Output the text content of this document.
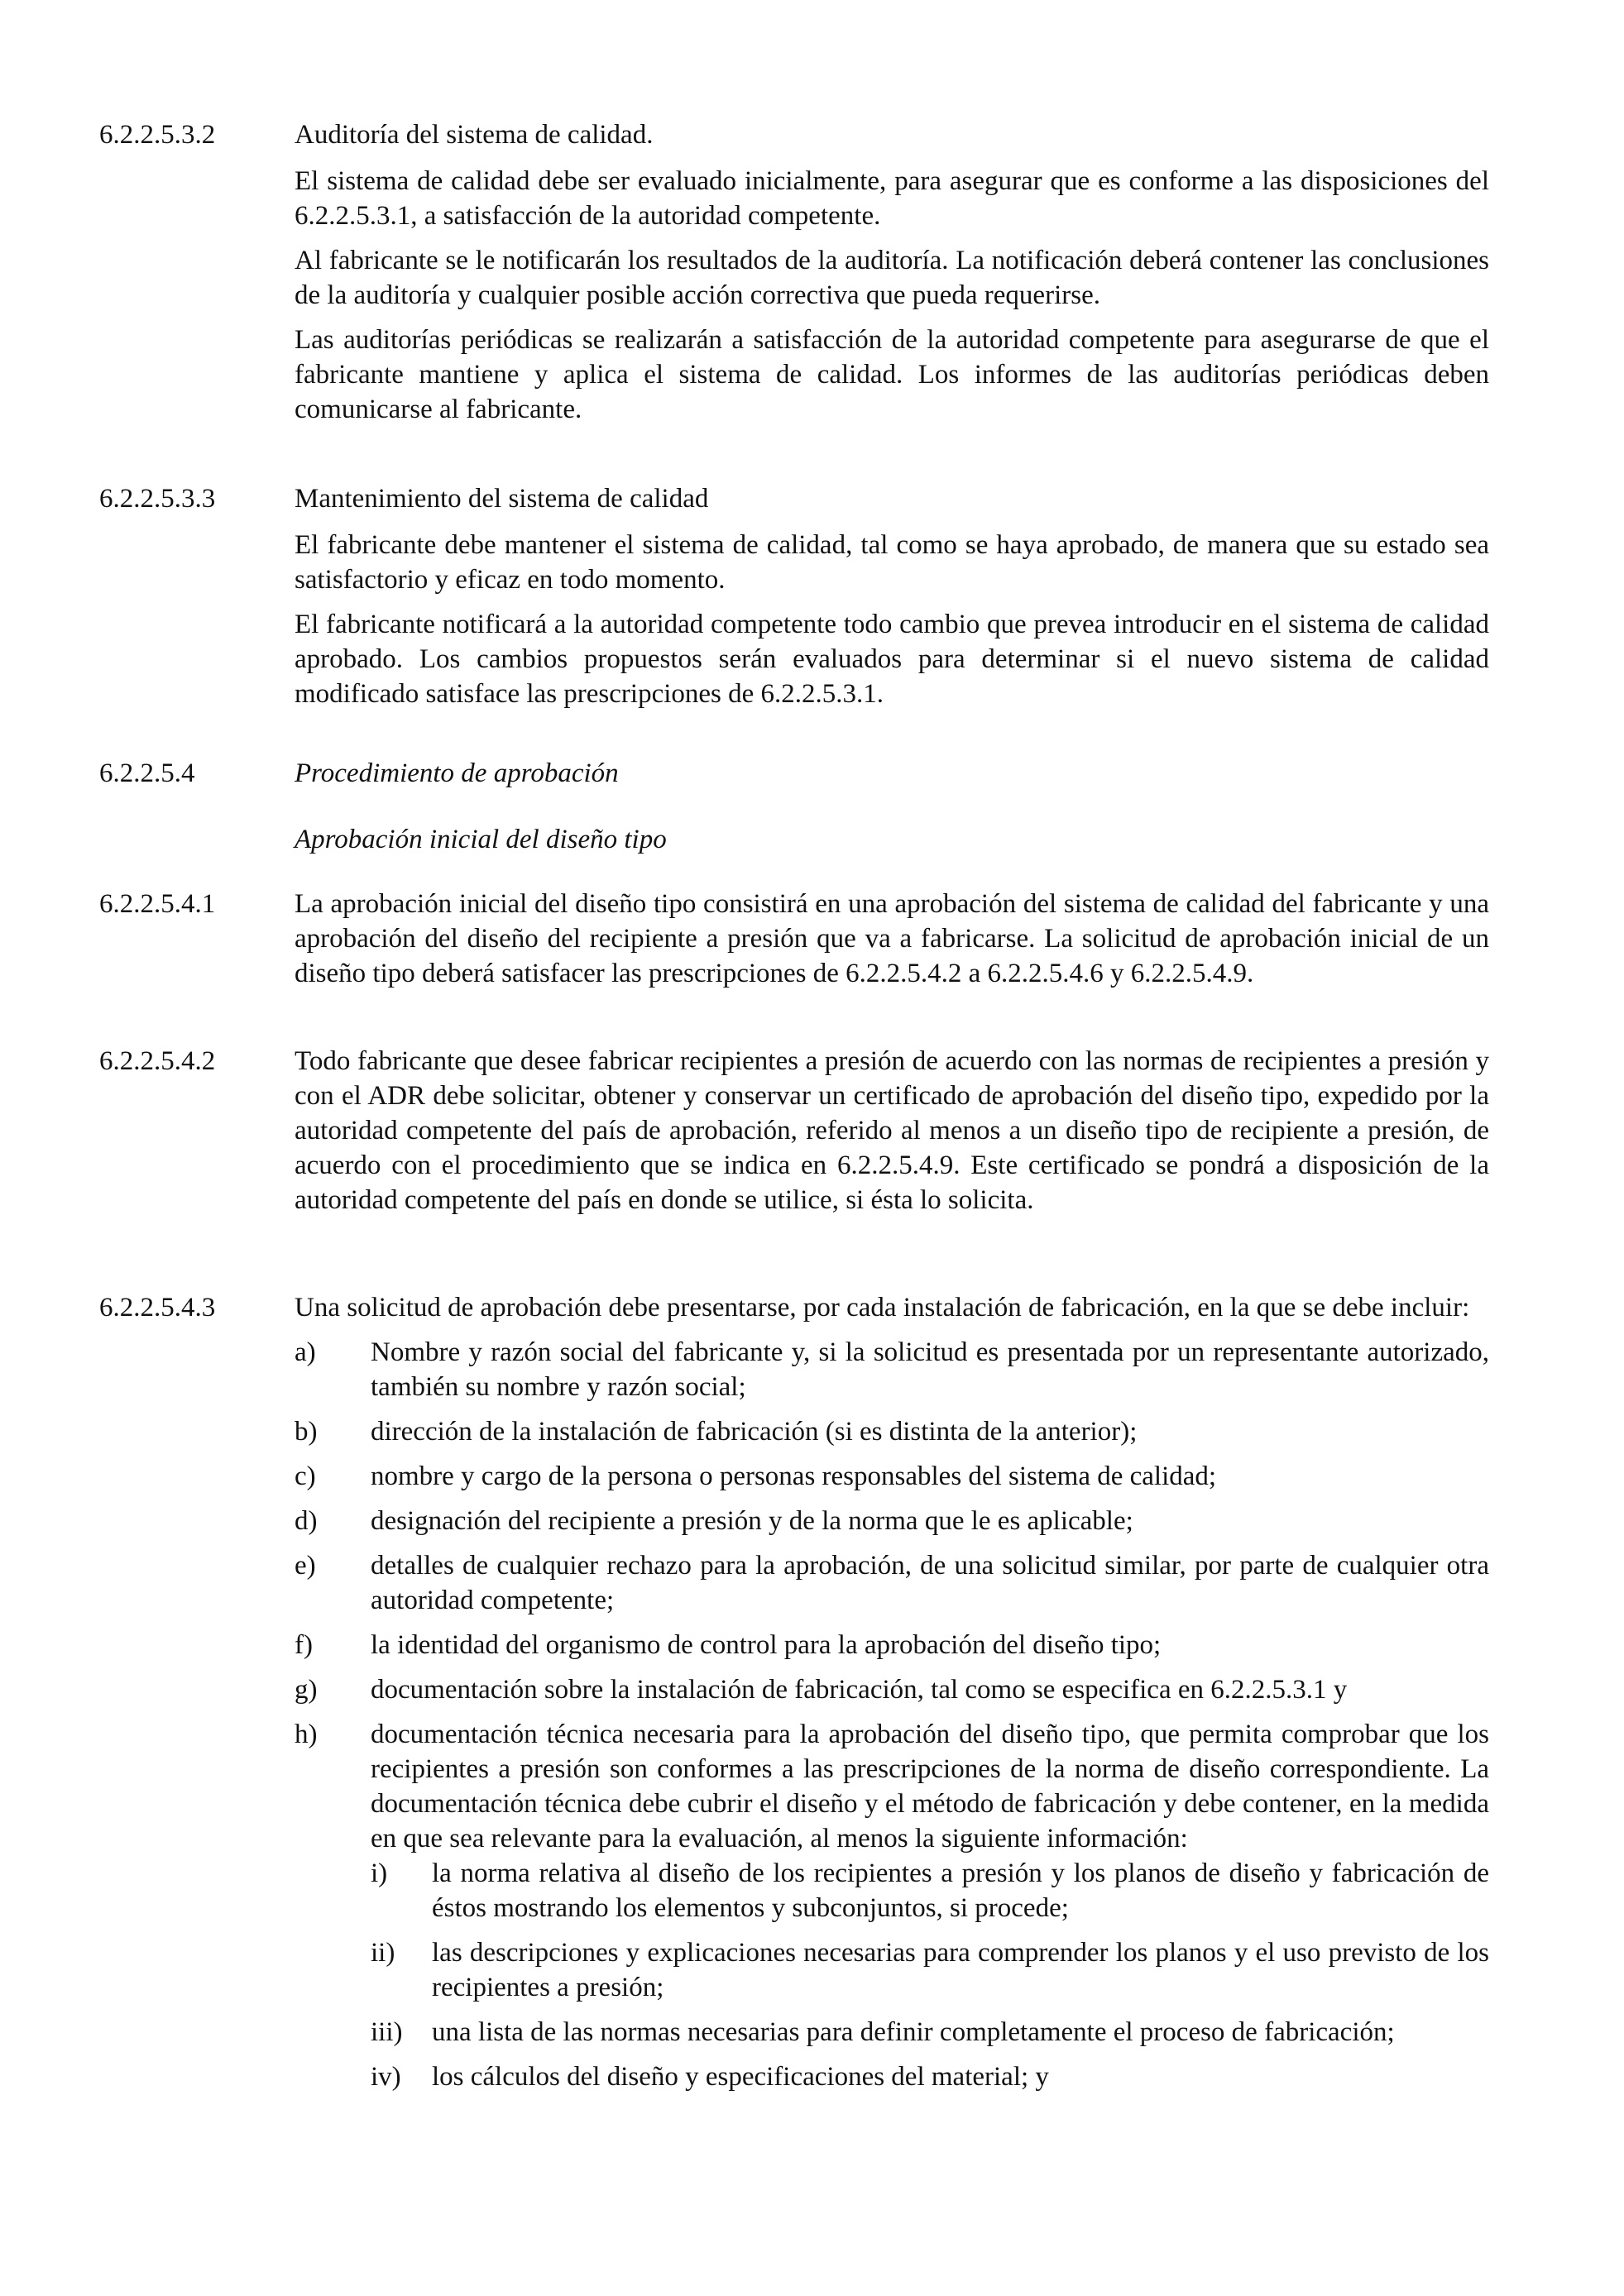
6.2.2.5.3.2	Auditoría del sistema de calidad.

El sistema de calidad debe ser evaluado inicialmente, para asegurar que es conforme a las disposiciones del 6.2.2.5.3.1, a satisfacción de la autoridad competente.

Al fabricante se le notificarán los resultados de la auditoría. La notificación deberá contener las conclusiones de la auditoría y cualquier posible acción correctiva que pueda requerirse.

Las auditorías periódicas se realizarán a satisfacción de la autoridad competente para asegurarse de que el fabricante mantiene y aplica el sistema de calidad. Los informes de las auditorías periódicas deben comunicarse al fabricante.

6.2.2.5.3.3	Mantenimiento del sistema de calidad

El fabricante debe mantener el sistema de calidad, tal como se haya aprobado, de manera que su estado sea satisfactorio y eficaz en todo momento.

El fabricante notificará a la autoridad competente todo cambio que prevea introducir en el sistema de calidad aprobado. Los cambios propuestos serán evaluados para determinar si el nuevo sistema de calidad modificado satisface las prescripciones de 6.2.2.5.3.1.

6.2.2.5.4	Procedimiento de aprobación

Aprobación inicial del diseño tipo

6.2.2.5.4.1	La aprobación inicial del diseño tipo consistirá en una aprobación del sistema de calidad del fabricante y una aprobación del diseño del recipiente a presión que va a fabricarse. La solicitud de aprobación inicial de un diseño tipo deberá satisfacer las prescripciones de 6.2.2.5.4.2 a 6.2.2.5.4.6 y 6.2.2.5.4.9.

6.2.2.5.4.2	Todo fabricante que desee fabricar recipientes a presión de acuerdo con las normas de recipientes a presión y con el ADR debe solicitar, obtener y conservar un certificado de aprobación del diseño tipo, expedido por la autoridad competente del país de aprobación, referido al menos a un diseño tipo de recipiente a presión, de acuerdo con el procedimiento que se indica en 6.2.2.5.4.9. Este certificado se pondrá a disposición de la autoridad competente del país en donde se utilice, si ésta lo solicita.

6.2.2.5.4.3	Una solicitud de aprobación debe presentarse, por cada instalación de fabricación, en la que se debe incluir:

a) Nombre y razón social del fabricante y, si la solicitud es presentada por un representante autorizado, también su nombre y razón social;
b) dirección de la instalación de fabricación (si es distinta de la anterior);
c) nombre y cargo de la persona o personas responsables del sistema de calidad;
d) designación del recipiente a presión y de la norma que le es aplicable;
e) detalles de cualquier rechazo para la aprobación, de una solicitud similar, por parte de cualquier otra autoridad competente;
f) la identidad del organismo de control para la aprobación del diseño tipo;
g) documentación sobre la instalación de fabricación, tal como se especifica en 6.2.2.5.3.1 y
h) documentación técnica necesaria para la aprobación del diseño tipo, que permita comprobar que los recipientes a presión son conformes a las prescripciones de la norma de diseño correspondiente. La documentación técnica debe cubrir el diseño y el método de fabricación y debe contener, en la medida en que sea relevante para la evaluación, al menos la siguiente información:
i) la norma relativa al diseño de los recipientes a presión y los planos de diseño y fabricación de éstos mostrando los elementos y subconjuntos, si procede;
ii) las descripciones y explicaciones necesarias para comprender los planos y el uso previsto de los recipientes a presión;
iii) una lista de las normas necesarias para definir completamente el proceso de fabricación;
iv) los cálculos del diseño y especificaciones del material; y
